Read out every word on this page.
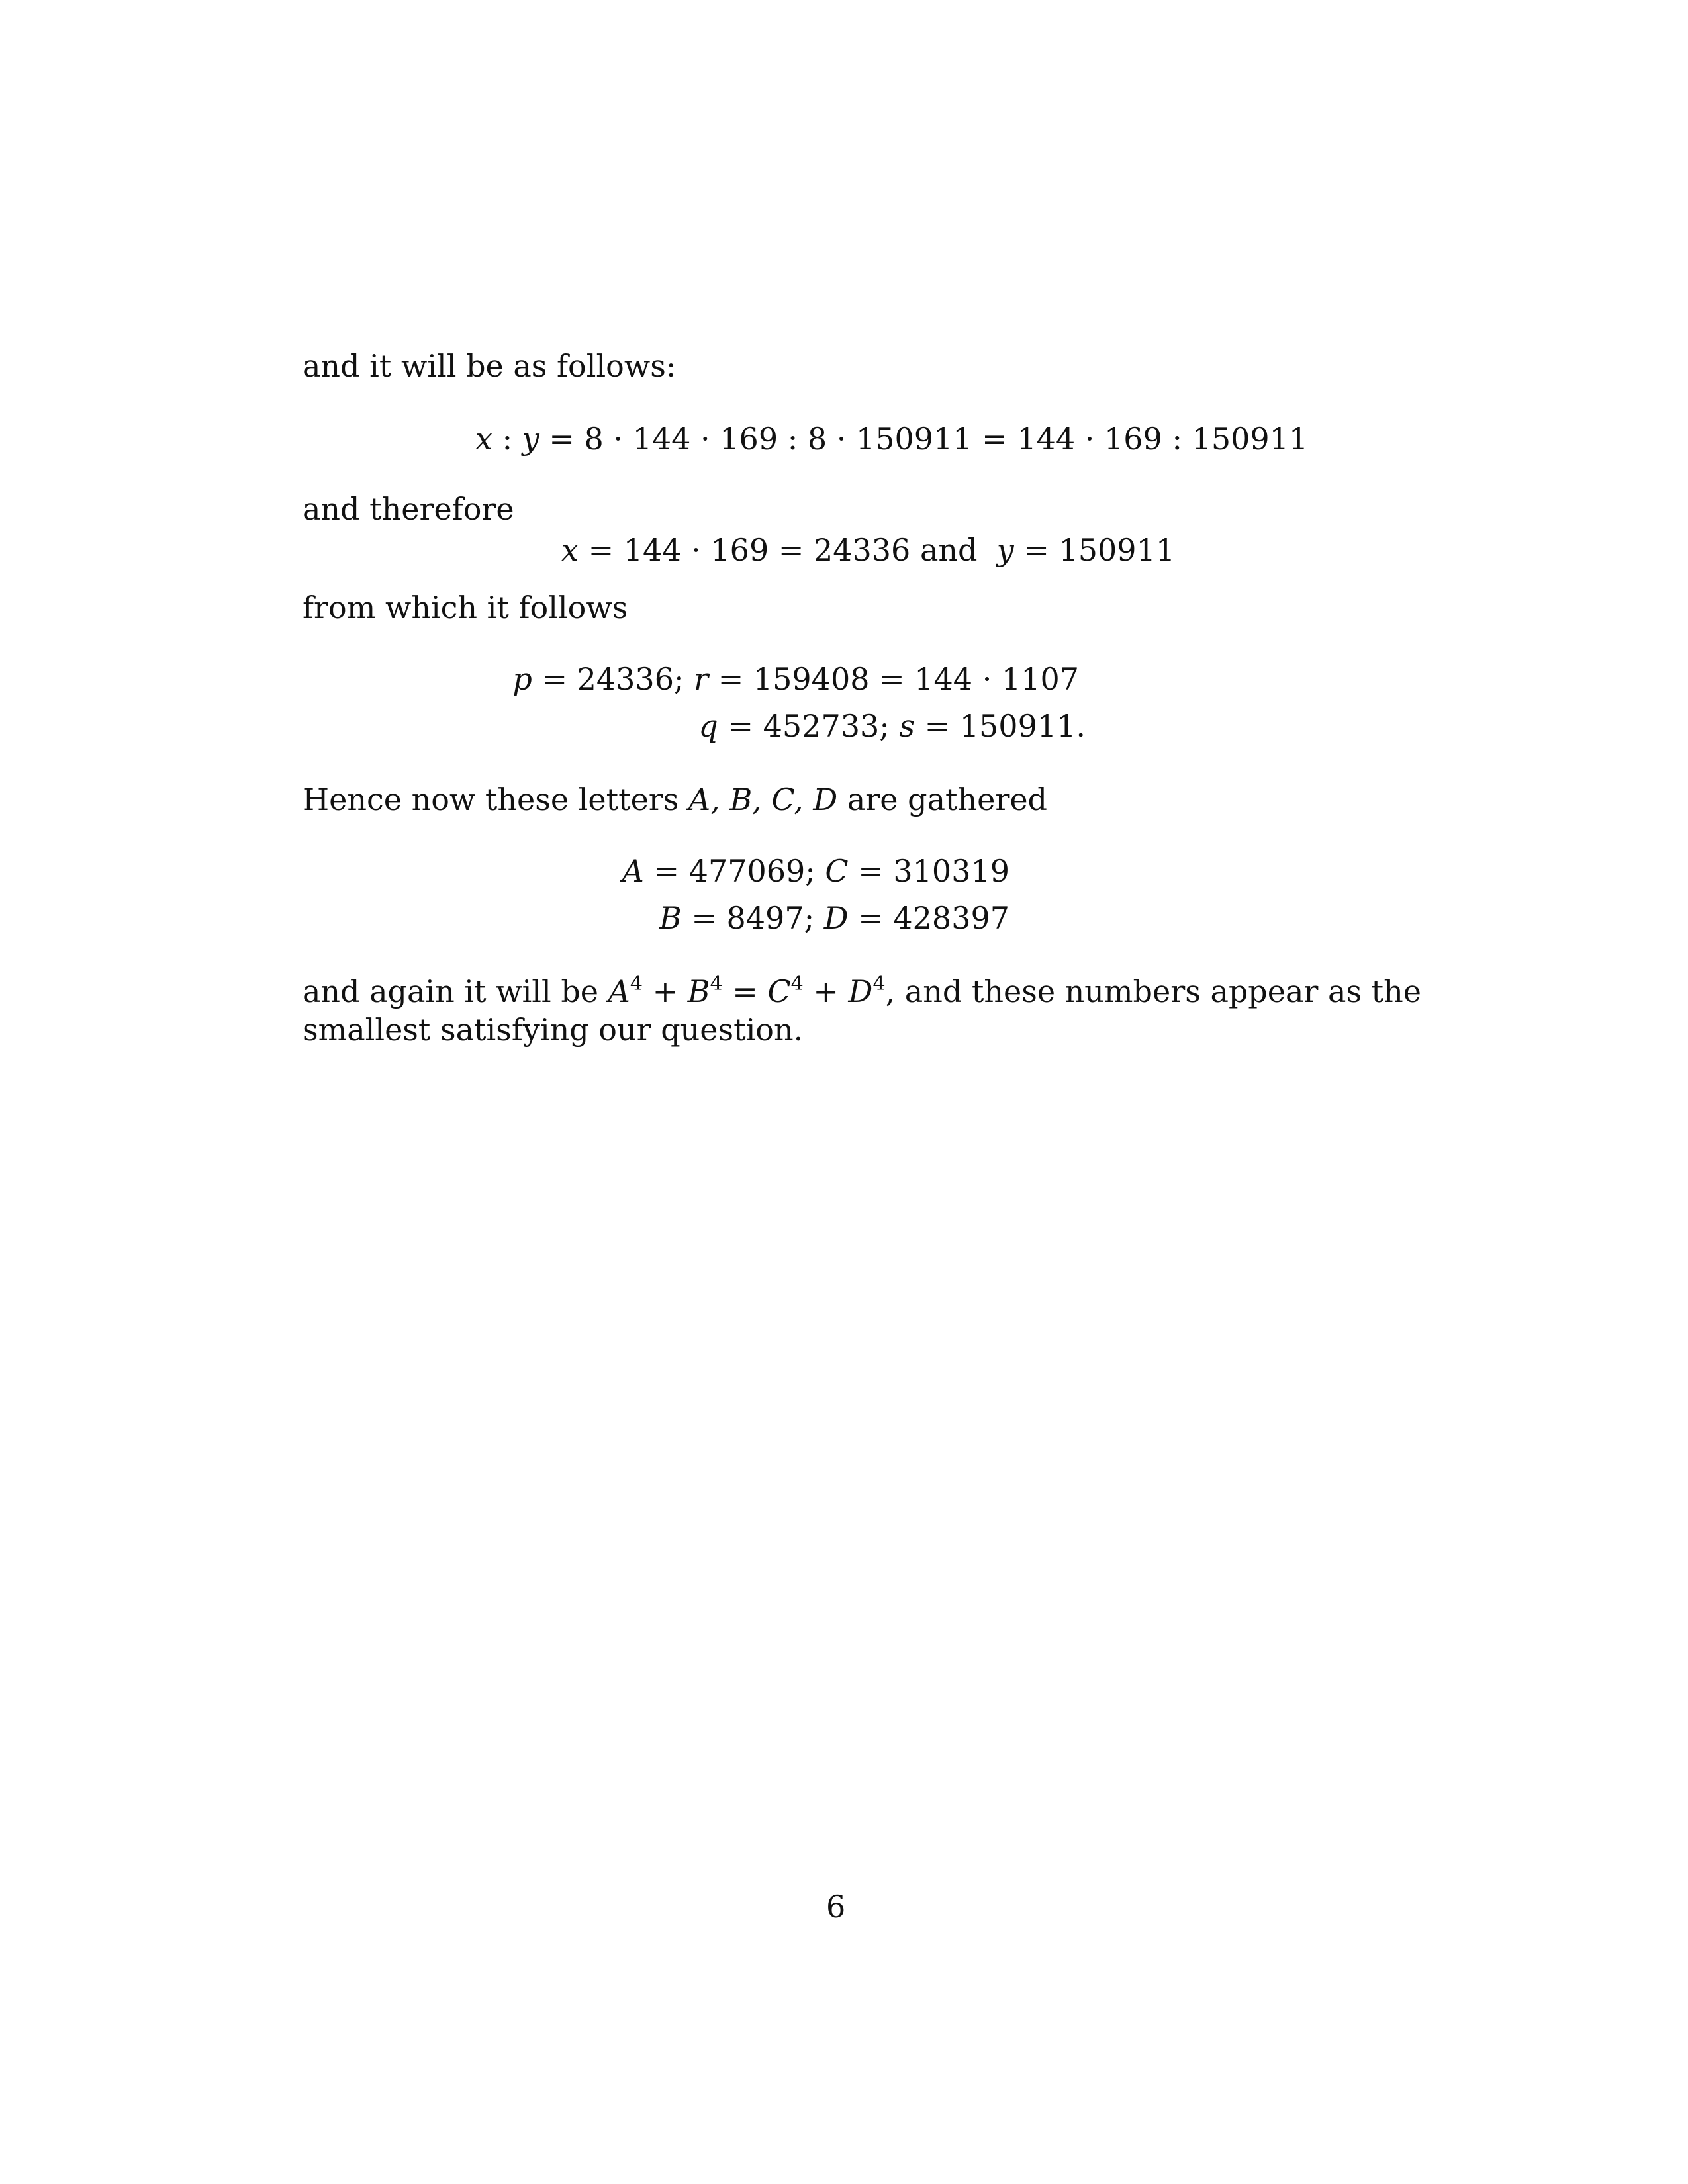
and it will be as follows:
x : y = 8 · 144 · 169 : 8 · 150911 = 144 · 169 : 150911
and therefore
x = 144 · 169 = 24336 and y = 150911
from which it follows
p = 24336; r = 159408 = 144 · 1107
q = 452733; s = 150911.
Hence now these letters A, B, C, D are gathered
A = 477069; C = 310319
B = 8497; D = 428397
and again it will be $A^4 + B^4 = C^4 + D^4$, and these numbers appear as the
smallest satisfying our question.
6
